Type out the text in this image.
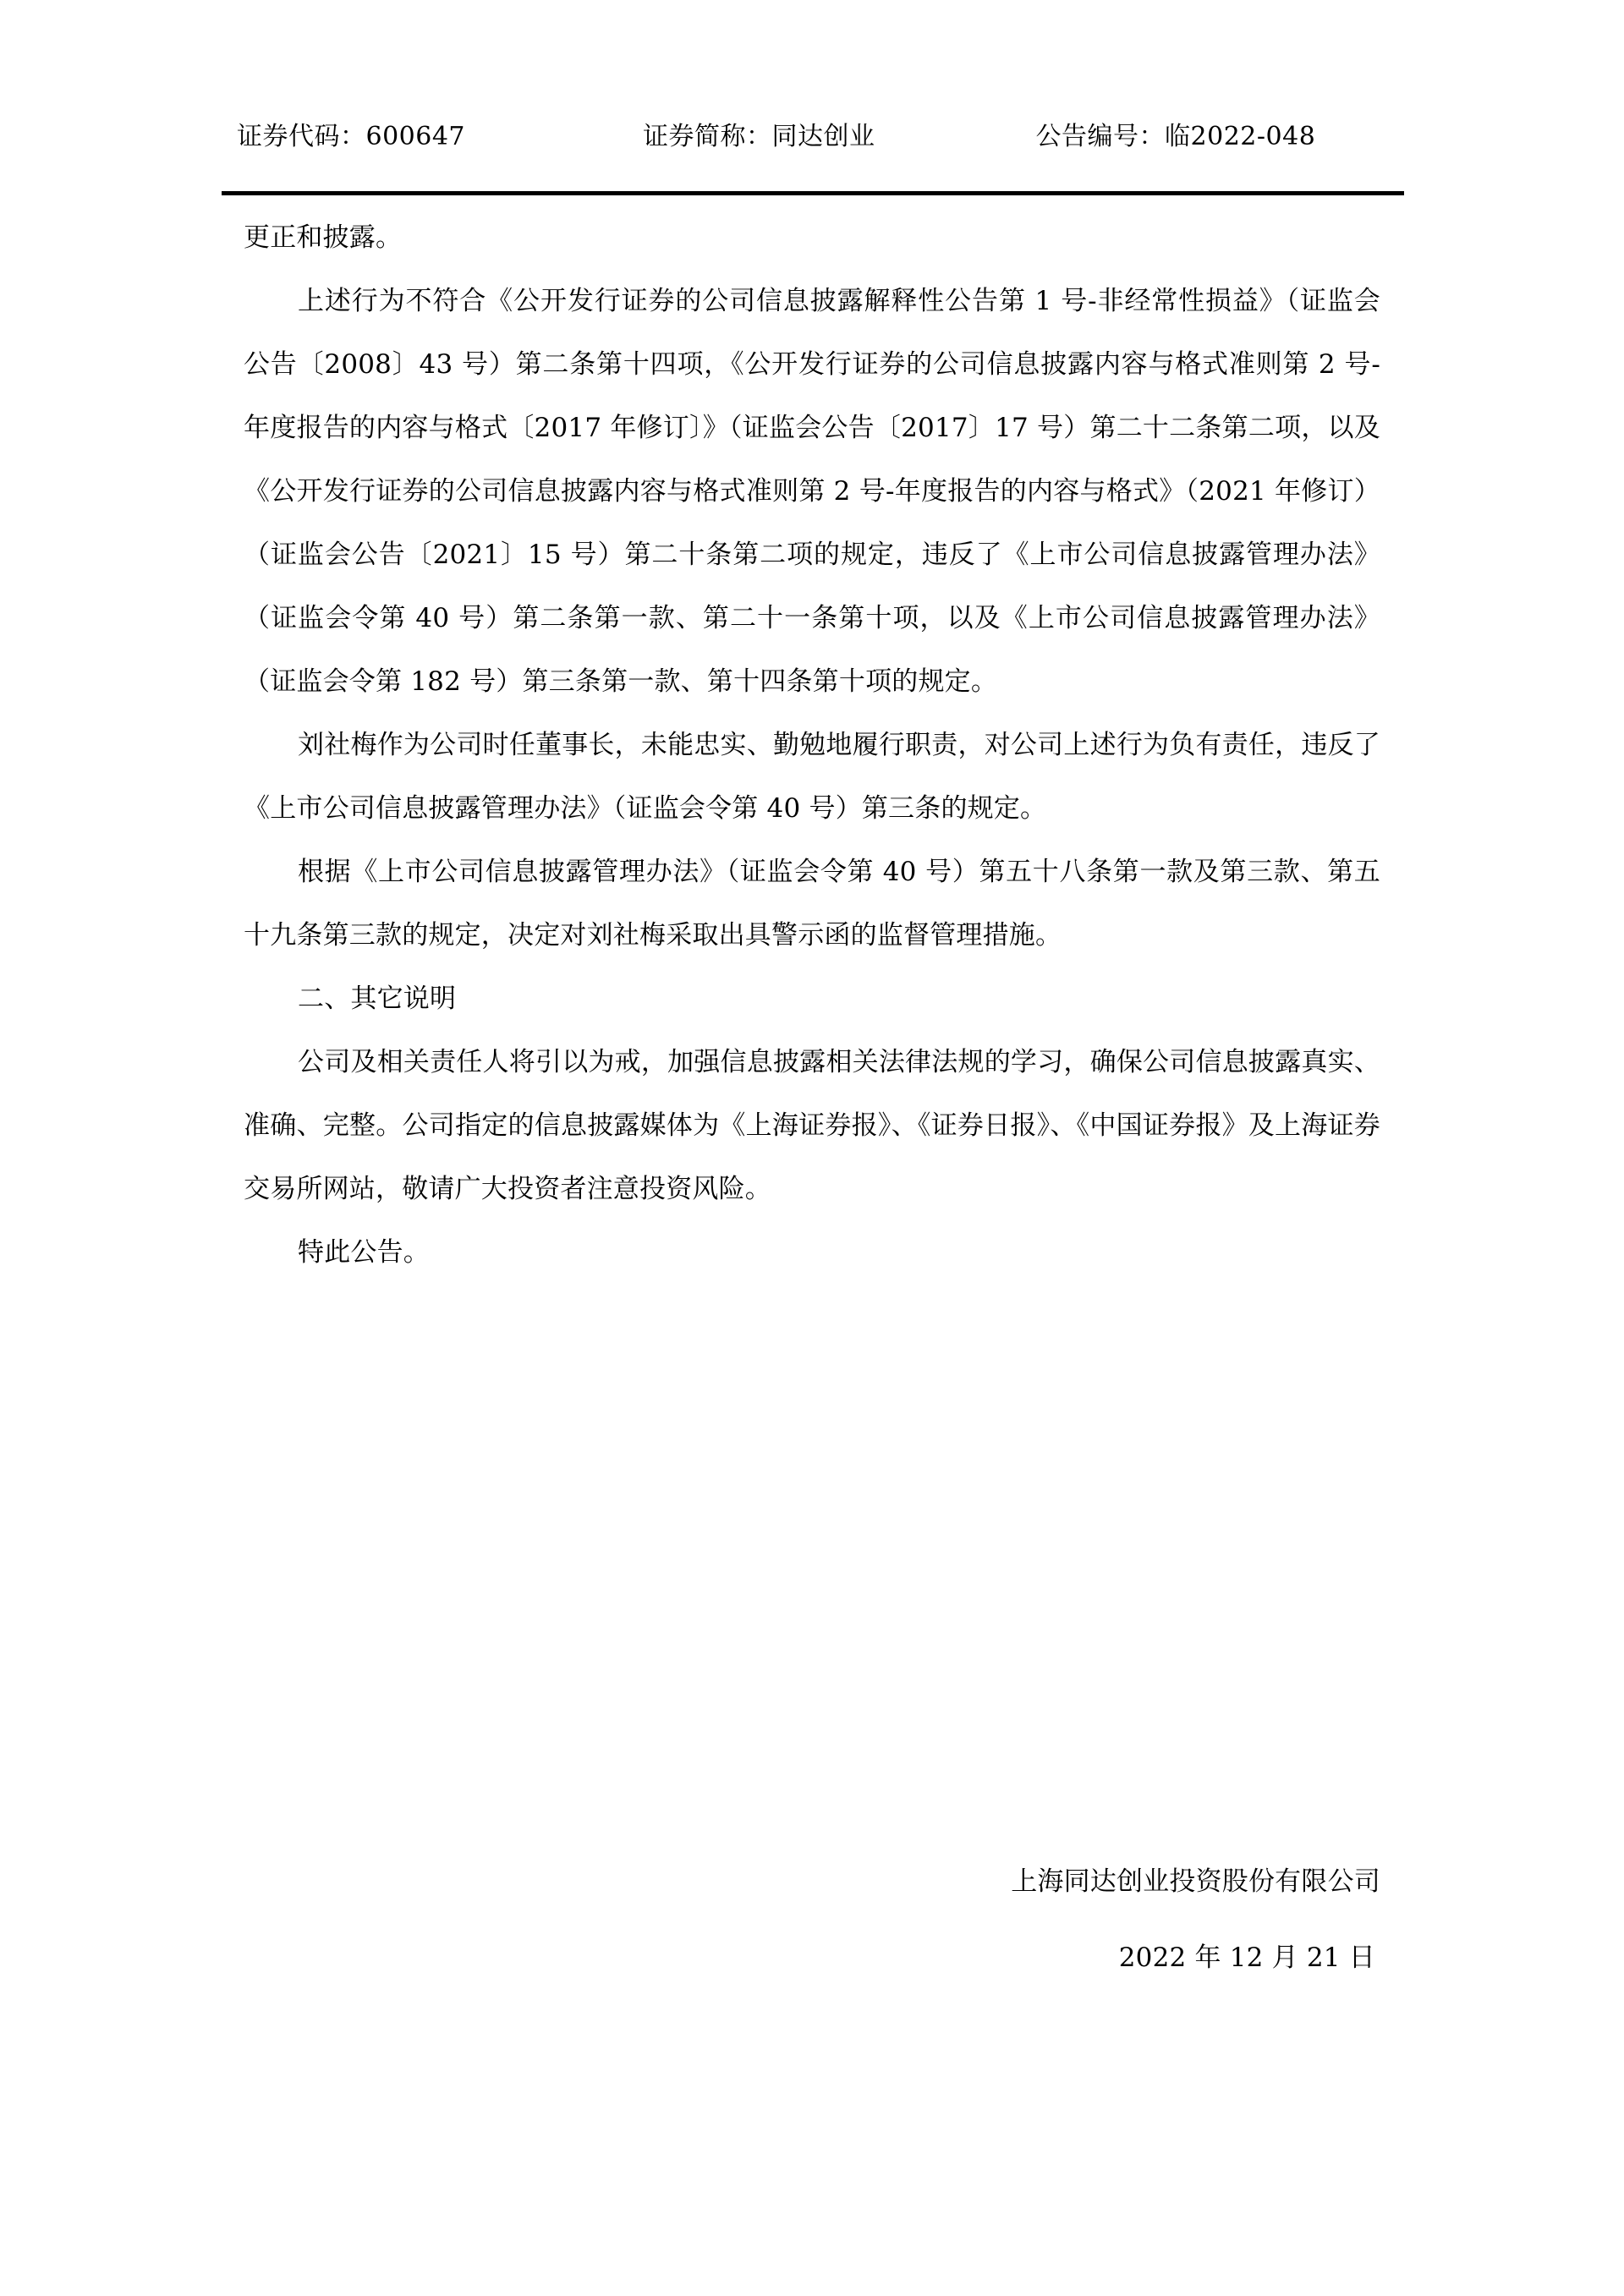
证券代码：600647	证券简称：同达创业	公告编号：临2022-048

更正和披露。

上述行为不符合《公开发行证券的公司信息披露解释性公告第 1 号-非经常性损益》（证监会公告〔2008〕43 号）第二条第十四项，《公开发行证券的公司信息披露内容与格式准则第 2 号-年度报告的内容与格式〔2017 年修订〕》（证监会公告〔2017〕17 号）第二十二条第二项，以及《公开发行证券的公司信息披露内容与格式准则第 2 号-年度报告的内容与格式》（2021 年修订）（证监会公告〔2021〕15 号）第二十条第二项的规定，违反了《上市公司信息披露管理办法》（证监会令第 40 号）第二条第一款、第二十一条第十项，以及《上市公司信息披露管理办法》（证监会令第 182 号）第三条第一款、第十四条第十项的规定。

刘社梅作为公司时任董事长，未能忠实、勤勉地履行职责，对公司上述行为负有责任，违反了《上市公司信息披露管理办法》（证监会令第 40 号）第三条的规定。

根据《上市公司信息披露管理办法》（证监会令第 40 号）第五十八条第一款及第三款、第五十九条第三款的规定，决定对刘社梅采取出具警示函的监督管理措施。

二、其它说明

公司及相关责任人将引以为戒，加强信息披露相关法律法规的学习，确保公司信息披露真实、准确、完整。公司指定的信息披露媒体为《上海证券报》、《证券日报》、《中国证券报》及上海证券交易所网站，敬请广大投资者注意投资风险。

特此公告。

上海同达创业投资股份有限公司
2022 年 12 月 21 日
